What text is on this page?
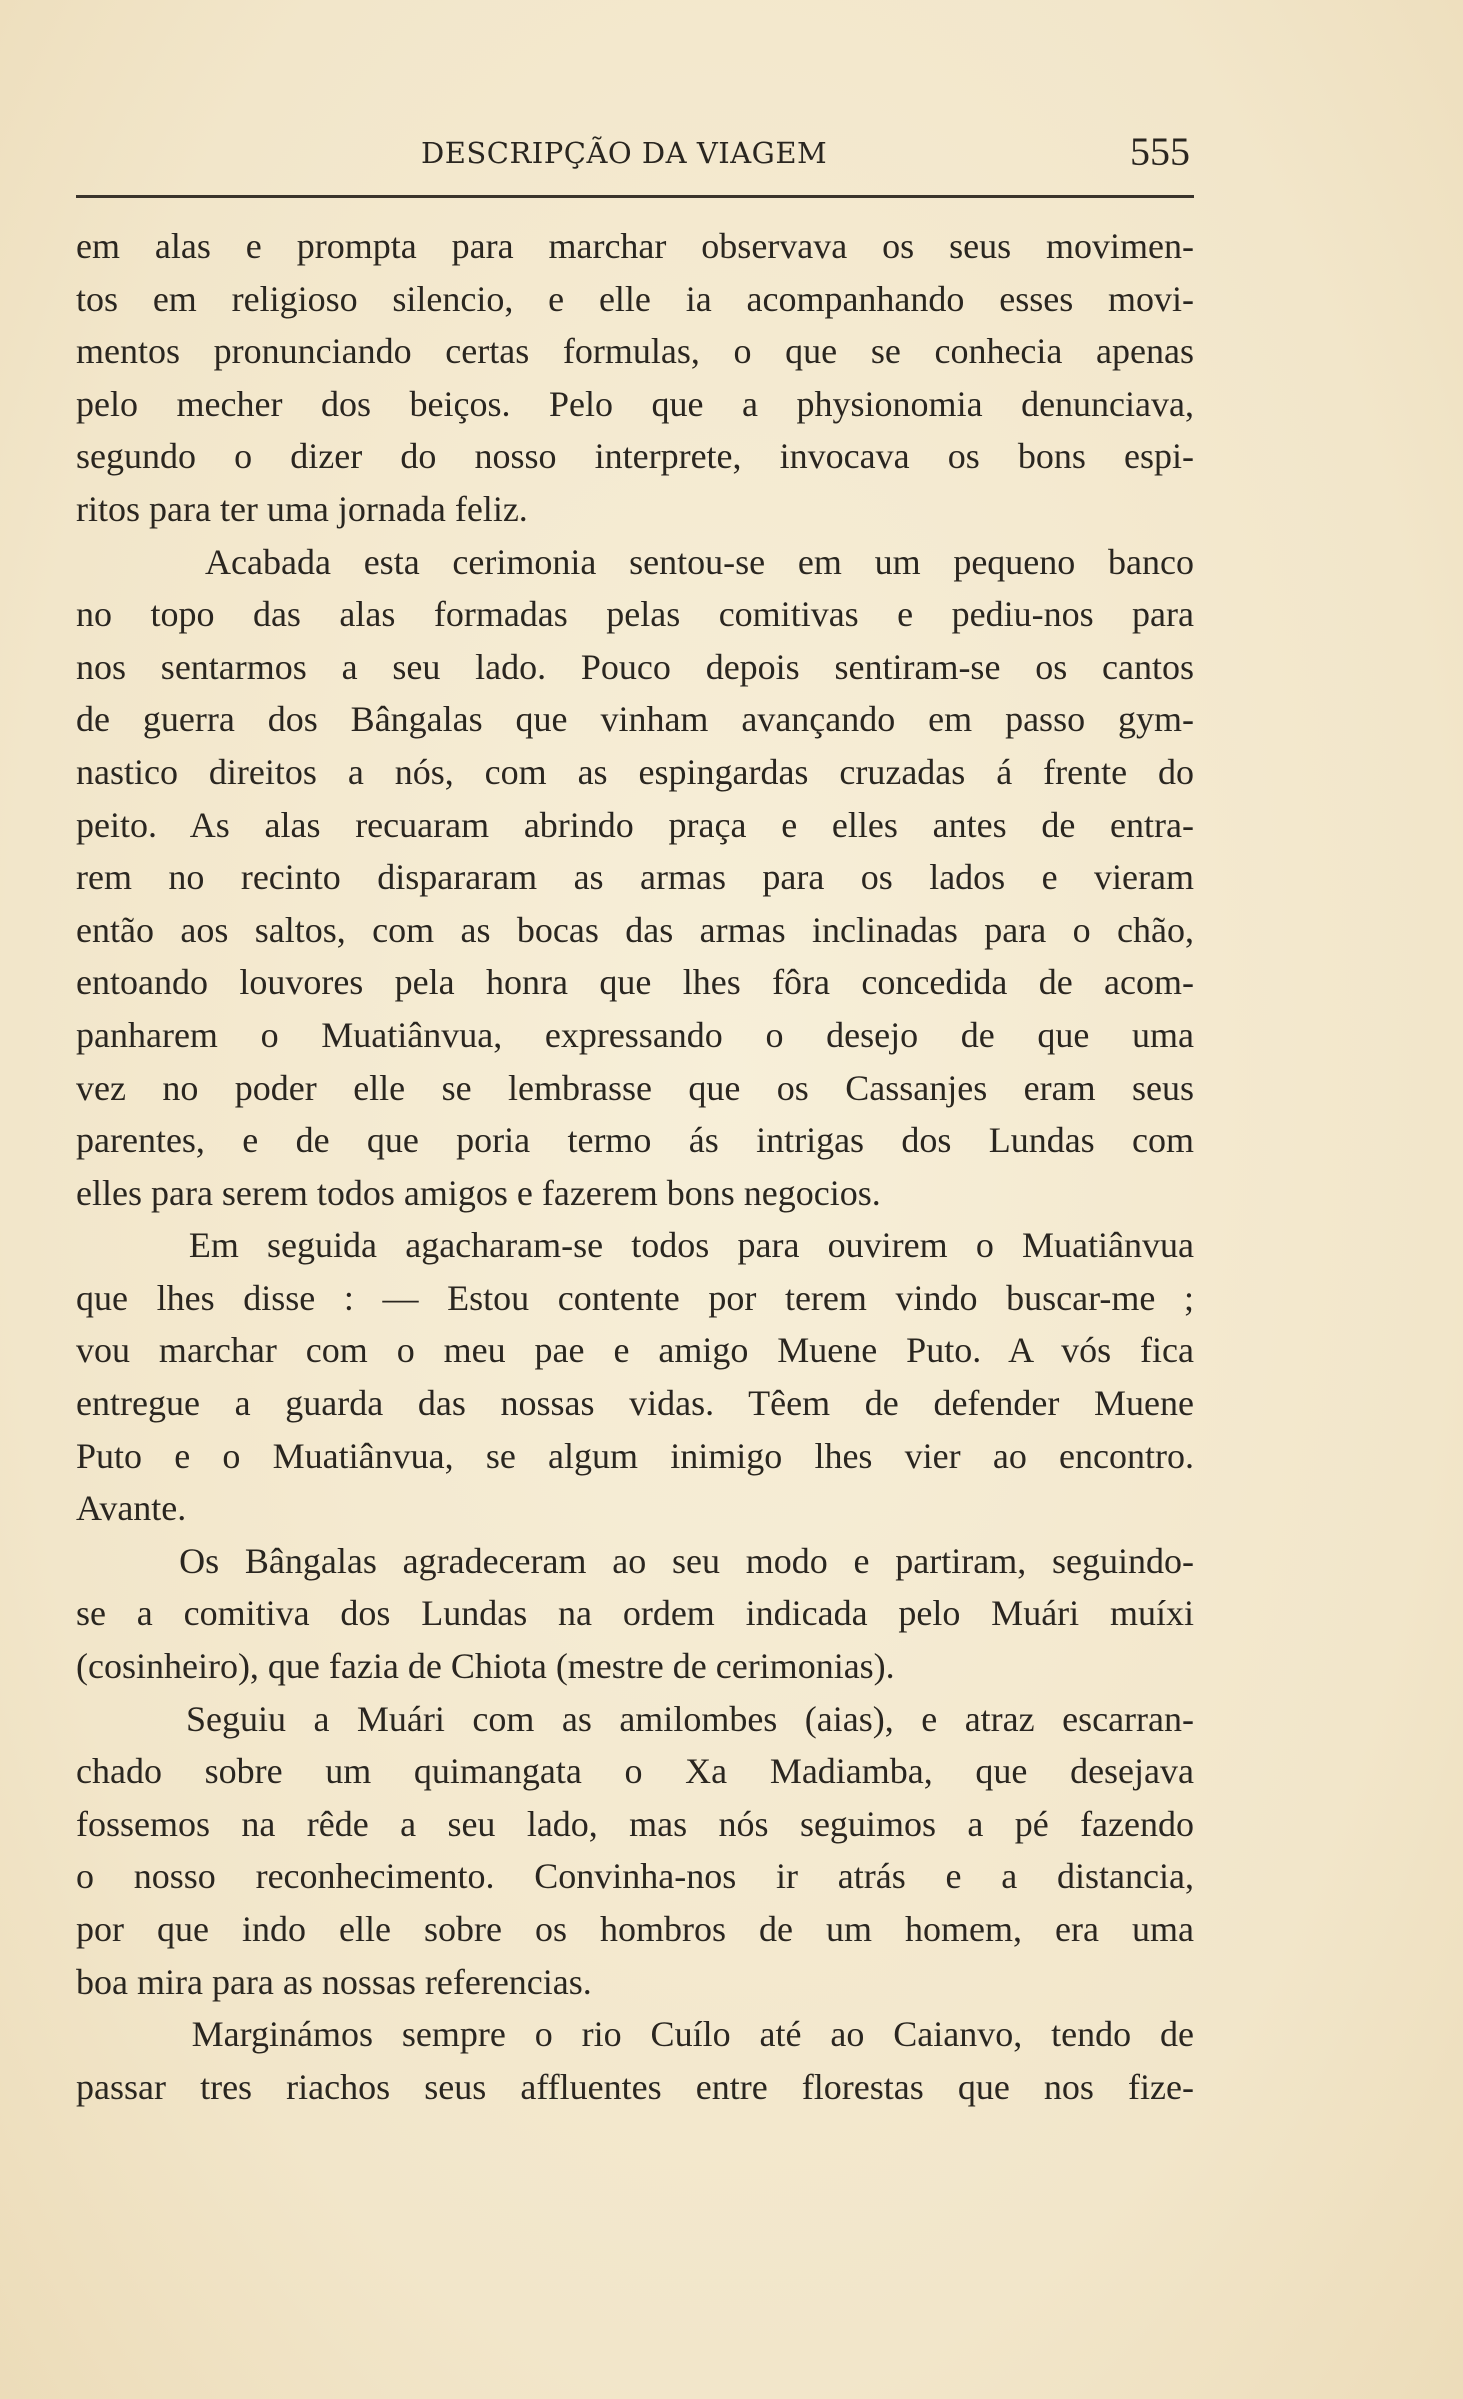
DESCRIPÇÃO DA VIAGEM	555
em alas e prompta para marchar observava os seus movimen-
tos em religioso silencio, e elle ia acompanhando esses movi-
mentos pronunciando certas formulas, o que se conhecia apenas
pelo mecher dos beiços. Pelo que a physionomia denunciava,
segundo o dizer do nosso interprete, invocava os bons espi-
ritos para ter uma jornada feliz.
Acabada esta cerimonia sentou-se em um pequeno banco
no topo das alas formadas pelas comitivas e pediu-nos para
nos sentarmos a seu lado. Pouco depois sentiram-se os cantos
de guerra dos Bângalas que vinham avançando em passo gym-
nastico direitos a nós, com as espingardas cruzadas á frente do
peito. As alas recuaram abrindo praça e elles antes de entra-
rem no recinto dispararam as armas para os lados e vieram
então aos saltos, com as bocas das armas inclinadas para o chão,
entoando louvores pela honra que lhes fôra concedida de acom-
panharem o Muatiânvua, expressando o desejo de que uma
vez no poder elle se lembrasse que os Cassanjes eram seus
parentes, e de que poria termo ás intrigas dos Lundas com
elles para serem todos amigos e fazerem bons negocios.
Em seguida agacharam-se todos para ouvirem o Muatiânvua
que lhes disse : — Estou contente por terem vindo buscar-me ;
vou marchar com o meu pae e amigo Muene Puto. A vós fica
entregue a guarda das nossas vidas. Têem de defender Muene
Puto e o Muatiânvua, se algum inimigo lhes vier ao encontro.
Avante.
Os Bângalas agradeceram ao seu modo e partiram, seguindo-
se a comitiva dos Lundas na ordem indicada pelo Muári muíxi
(cosinheiro), que fazia de Chiota (mestre de cerimonias).
Seguiu a Muári com as amilombes (aias), e atraz escarran-
chado sobre um quimangata o Xa Madiamba, que desejava
fossemos na rêde a seu lado, mas nós seguimos a pé fazendo
o nosso reconhecimento. Convinha-nos ir atrás e a distancia,
por que indo elle sobre os hombros de um homem, era uma
boa mira para as nossas referencias.
Marginámos sempre o rio Cuílo até ao Caianvo, tendo de
passar tres riachos seus affluentes entre florestas que nos fize-
